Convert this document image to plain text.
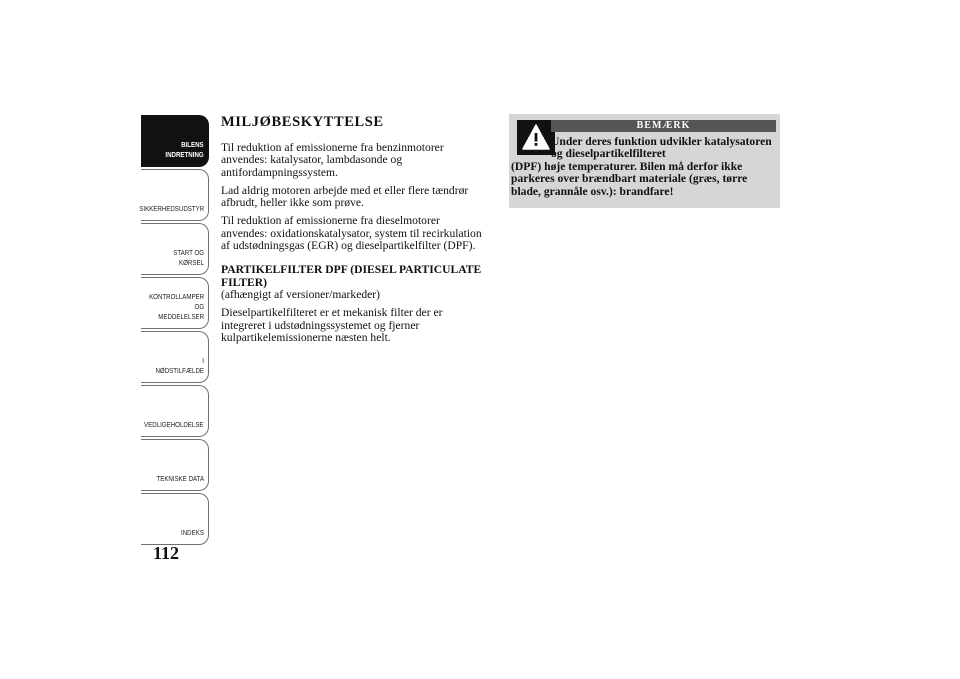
BILENS
INDRETNING
SIKKERHEDSUDSTYR
START OG KØRSEL
KONTROLLAMPER
OG MEDDELELSER
I NØDSTILFÆLDE
VEDLIGEHOLDELSE
TEKNISKE DATA
INDEKS
112
MILJØBESKYTTELSE

Til reduktion af emissionerne fra benzinmotorer anvendes: katalysator, lambdasonde og antifordampningssystem.

Lad aldrig motoren arbejde med et eller flere tændrør afbrudt, heller ikke som prøve.

Til reduktion af emissionerne fra dieselmotorer anvendes: oxidationskatalysator, system til recirkulation af udstødningsgas (EGR) og dieselpartikelfilter (DPF).

PARTIKELFILTER DPF (DIESEL PARTICULATE FILTER)

(afhængigt af versioner/markeder)

Dieselpartikelfilteret er et mekanisk filter der er integreret i udstødningssystemet og fjerner kulpartikelemissionerne næsten helt.

BEMÆRK
Under deres funktion udvikler katalysatoren og dieselpartikelfilteret
(DPF) høje temperaturer. Bilen må derfor ikke parkeres over brændbart materiale (græs, tørre blade, grannåle osv.): brandfare!
